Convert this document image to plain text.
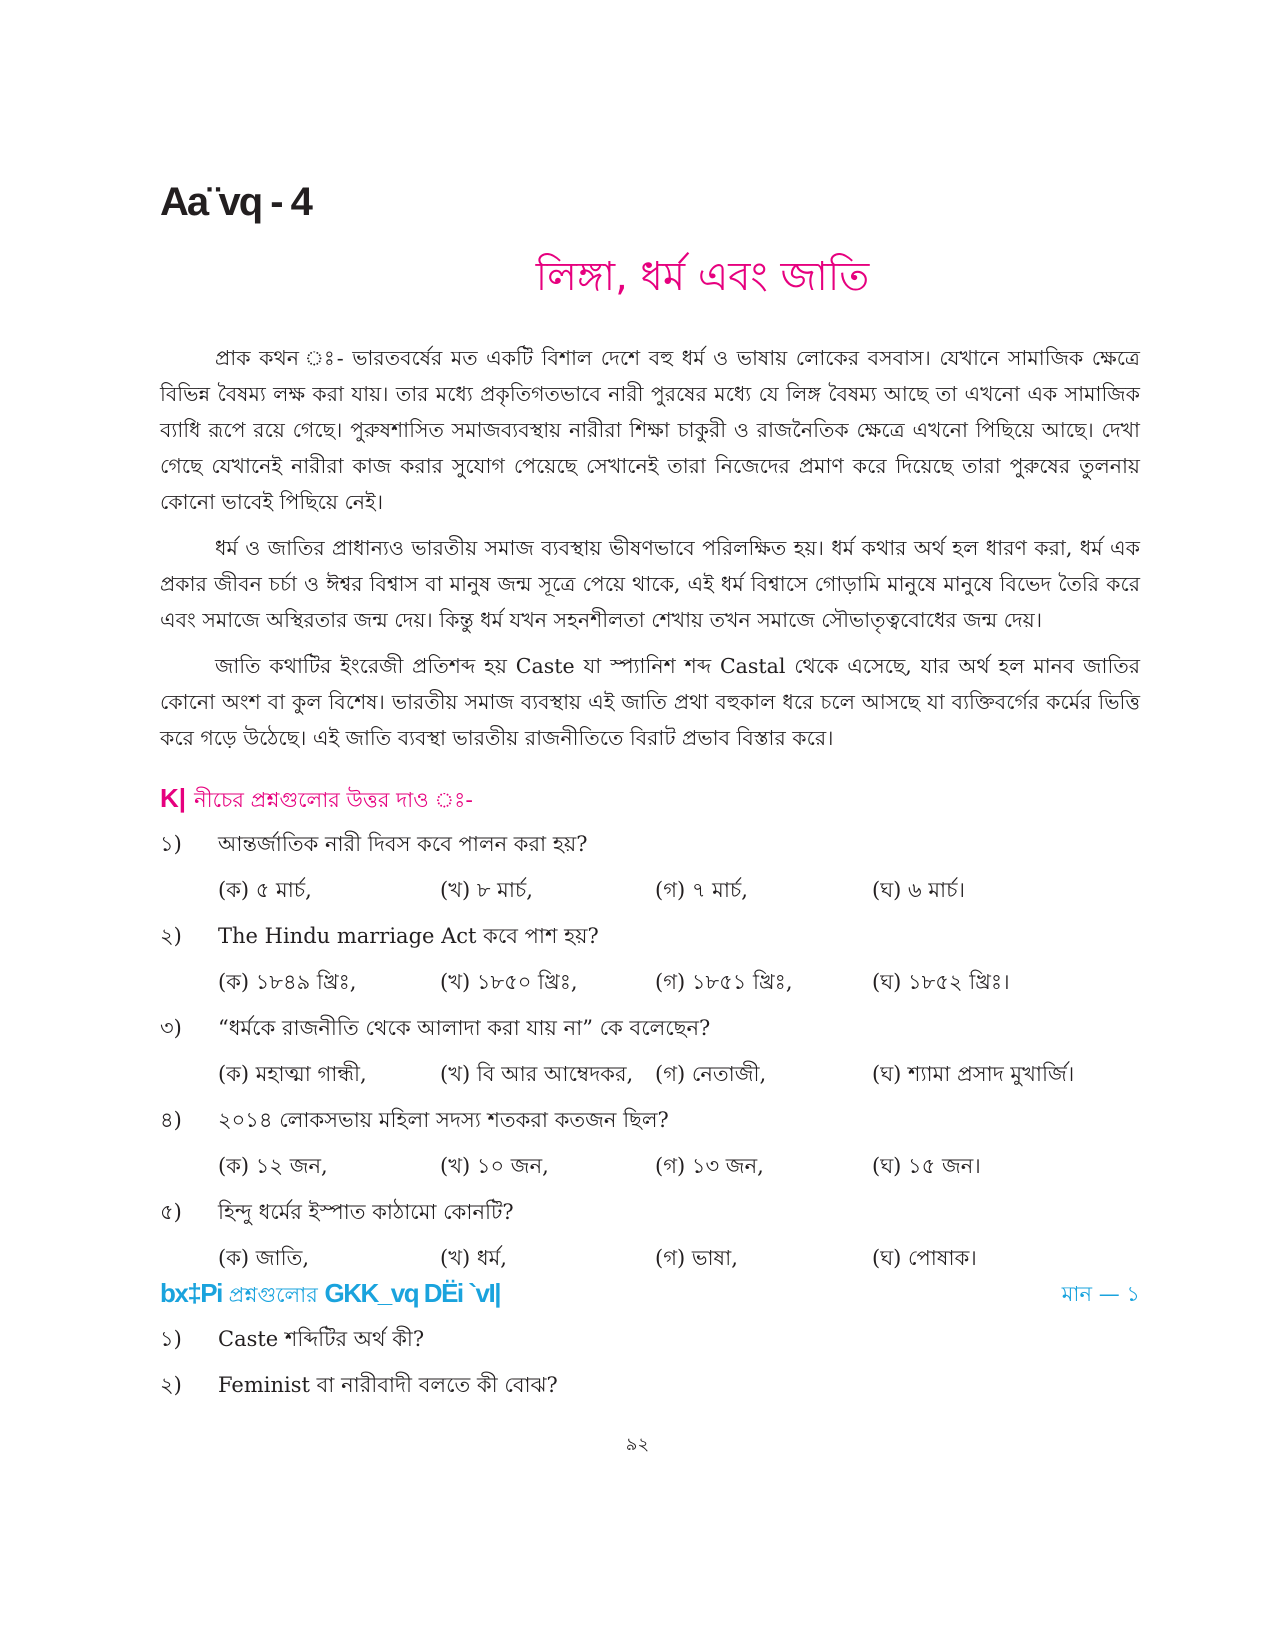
Aa¨vq - 4
লিঙ্গা, ধর্ম এবং জাতি

প্রাক কথন ঃ- ভারতবর্ষের মত একটি বিশাল দেশে বহু ধর্ম ও ভাষায় লোকের বসবাস। যেখানে সামাজিক ক্ষেত্রে বিভিন্ন বৈষম্য লক্ষ করা যায়। তার মধ্যে প্রকৃতিগতভাবে নারী পুরষের মধ্যে যে লিঙ্গ বৈষম্য আছে তা এখনো এক সামাজিক ব্যাধি রূপে রয়ে গেছে। পুরুষশাসিত সমাজব্যবস্থায় নারীরা শিক্ষা চাকুরী ও রাজনৈতিক ক্ষেত্রে এখনো পিছিয়ে আছে। দেখা গেছে যেখানেই নারীরা কাজ করার সুযোগ পেয়েছে সেখানেই তারা নিজেদের প্রমাণ করে দিয়েছে তারা পুরুষের তুলনায় কোনো ভাবেই পিছিয়ে নেই।

ধর্ম ও জাতির প্রাধান্যও ভারতীয় সমাজ ব্যবস্থায় ভীষণভাবে পরিলক্ষিত হয়। ধর্ম কথার অর্থ হল ধারণ করা, ধর্ম এক প্রকার জীবন চর্চা ও ঈশ্বর বিশ্বাস বা মানুষ জন্ম সূত্রে পেয়ে থাকে, এই ধর্ম বিশ্বাসে গোড়ামি মানুষে মানুষে বিভেদ তৈরি করে এবং সমাজে অস্থিরতার জন্ম দেয়। কিন্তু ধর্ম যখন সহনশীলতা শেখায় তখন সমাজে সৌভাতৃত্ববোধের জন্ম দেয়।

জাতি কথাটির ইংরেজী প্রতিশব্দ হয় Caste যা স্প্যানিশ শব্দ Castal থেকে এসেছে, যার অর্থ হল মানব জাতির কোনো অংশ বা কুল বিশেষ। ভারতীয় সমাজ ব্যবস্থায় এই জাতি প্রথা বহুকাল ধরে চলে আসছে যা ব্যক্তিবর্গের কর্মের ভিত্তি করে গড়ে উঠেছে। এই জাতি ব্যবস্থা ভারতীয় রাজনীতিতে বিরাট প্রভাব বিস্তার করে।

K| নীচের প্রশ্নগুলোর উত্তর দাও ঃ-
১) আন্তর্জাতিক নারী দিবস কবে পালন করা হয়?
(ক) ৫ মার্চ,	(খ) ৮ মার্চ,	(গ) ৭ মার্চ,	(ঘ) ৬ মার্চ।
২) The Hindu marriage Act কবে পাশ হয়?
(ক) ১৮৪৯ খ্রিঃ,	(খ) ১৮৫০ খ্রিঃ,	(গ) ১৮৫১ খ্রিঃ,	(ঘ) ১৮৫২ খ্রিঃ।
৩) “ধর্মকে রাজনীতি থেকে আলাদা করা যায় না” কে বলেছেন?
(ক) মহাত্মা গান্ধী,	(খ) বি আর আম্বেদকর, (গ) নেতাজী,	(ঘ) শ্যামা প্রসাদ মুখার্জি।
৪) ২০১৪ লোকসভায় মহিলা সদস্য শতকরা কতজন ছিল?
(ক) ১২ জন,	(খ) ১০ জন,	(গ) ১৩ জন,	(ঘ) ১৫ জন।
৫) হিন্দু ধর্মের ইস্পাত কাঠামো কোনটি?
(ক) জাতি,	(খ) ধর্ম,	(গ) ভাষা,	(ঘ) পোষাক।
bx‡Pi প্রশ্নগুলোর GKK_vq DËi `vI|	মান — ১
১) Caste শব্দিটির অর্থ কী?
২) Feminist বা নারীবাদী বলতে কী বোঝ?
৯২
